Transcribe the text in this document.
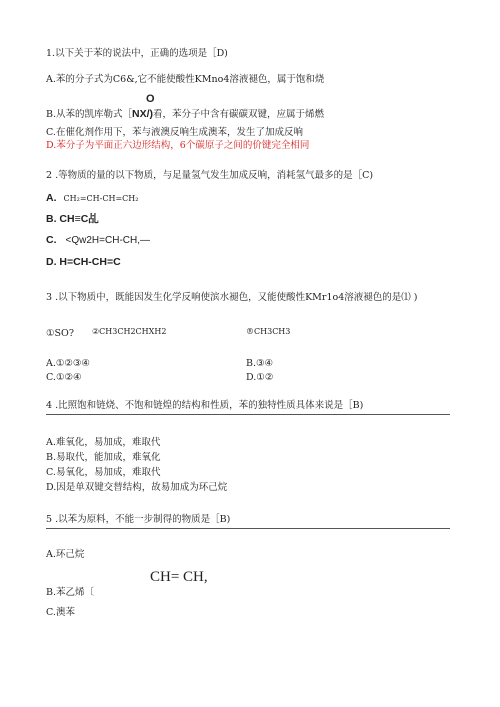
1.以下关于苯的说法中，正确的选项是［D)
A.苯的分子式为C6&,它不能使酸性KMno4溶液褪色，属于饱和烧
O
B.从苯的凯库勒式［NX/)看，苯分子中含有碳碳双键，应属于烯燃
C.在催化剂作用下，苯与液澳反响生成澳苯，发生了加成反响
D.苯分子为平面正六边形结构，6个碳原子之间的价键完全相同
2 .等物质的量的以下物质，与足量氢气发生加成反响，消耗氢气最多的是［C)
A. CH₂=CH-CH=CH₂
B. CH≡C乩
C. <Qw2H=CH-CH,—
D. H=CH-CH=C
3 .以下物质中，既能因发生化学反响使滨水褪色，又能使酸性KMr1o4溶液褪色的是⑴ )
①SO? ②CH3CH2CHXH2	®CH3CH3
A.①②③④	B.③④
C.①②④	D.①②
4 .比照饱和链烧、不饱和链煌的结构和性质，苯的独特性质具体来说是［B)
A.难氧化，易加成，难取代
B.易取代，能加成，难氧化
C.易氧化，易加成，难取代
D.因是单双键交替结构，故易加成为环己烷
5 .以苯为原料，不能一步制得的物质是［B)
A.环己烷
CH= CH,
B.苯乙烯〔
C.澳苯
